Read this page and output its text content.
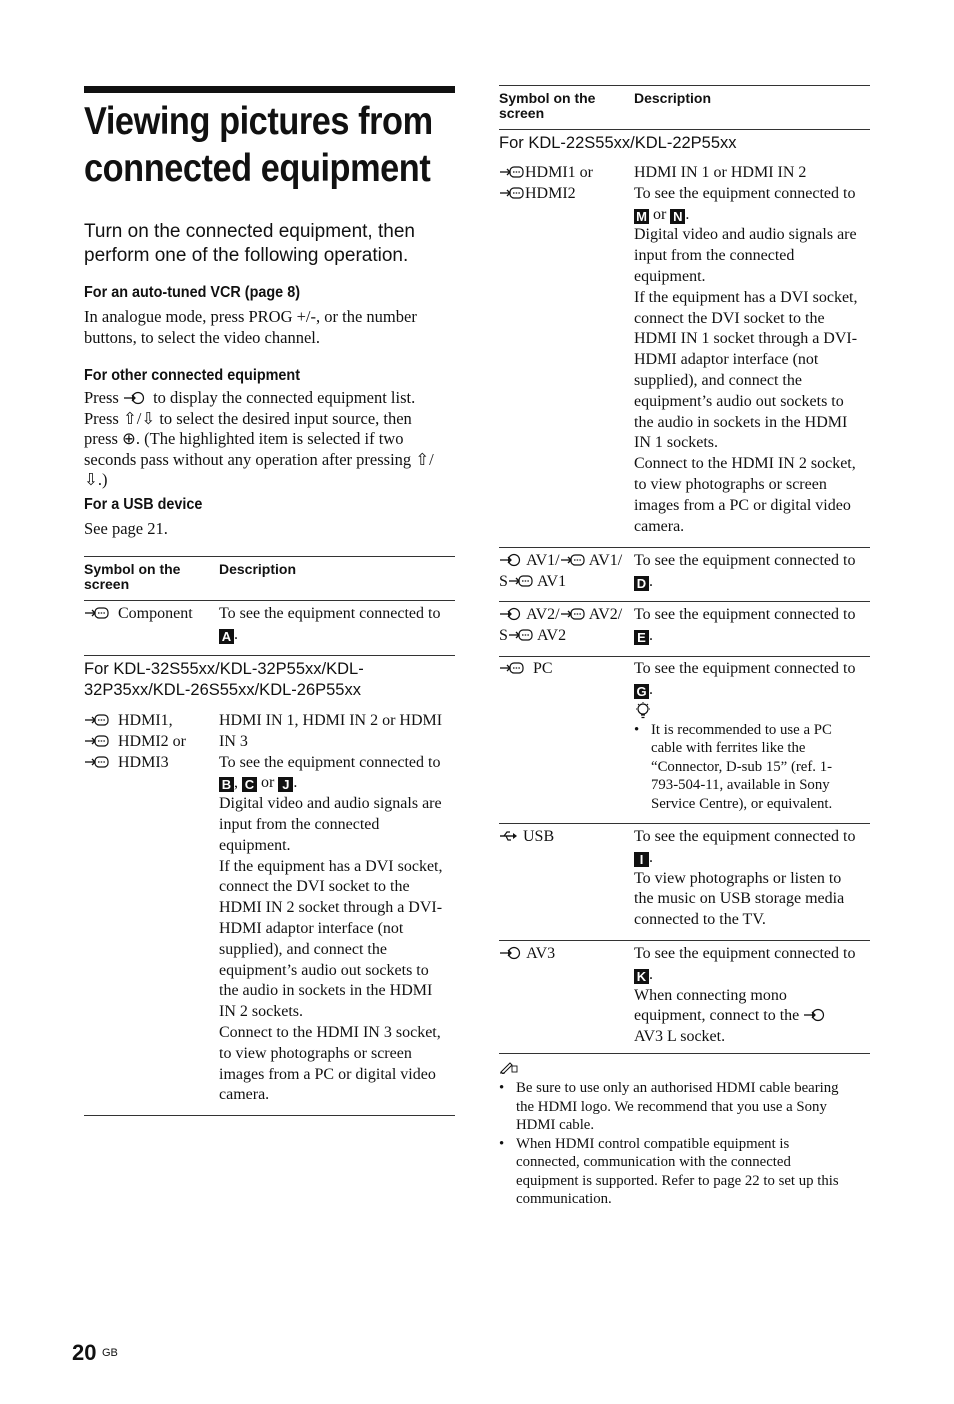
Viewing pictures from
connected equipment
Turn on the connected equipment, then
perform one of the following operation.
For an auto-tuned VCR (page 8)
In analogue mode, press PROG +/-, or the number
buttons, to select the video channel.
For other connected equipment
Press to display the connected equipment list.
Press ⇧/⇩ to select the desired input source, then
press ⊕. (The highlighted item is selected if two
seconds pass without any operation after pressing ⇧/
⇩.)
For a USB device
See page 21.
Symbol on the
screen
Description
Component To see the equipment connected to
A .
For KDL-32S55xx/KDL-32P55xx/KDL-
32P35xx/KDL-26S55xx/KDL-26P55xx
HDMI1,
HDMI2 or
HDMI3
HDMI IN 1, HDMI IN 2 or HDMI
IN 3
To see the equipment connected to
B , C or J .
Digital video and audio signals are
input from the connected
equipment.
If the equipment has a DVI socket,
connect the DVI socket to the
HDMI IN 2 socket through a DVI-
HDMI adaptor interface (not
supplied), and connect the
equipment’s audio out sockets to
the audio in sockets in the HDMI
IN 2 sockets.
Connect to the HDMI IN 3 socket,
to view photographs or screen
images from a PC or digital video
camera.
Symbol on the
screen
Description
For KDL-22S55xx/KDL-22P55xx
HDMI1 or
HDMI2
HDMI IN 1 or HDMI IN 2
To see the equipment connected to
M or N .
Digital video and audio signals are
input from the connected
equipment.
If the equipment has a DVI socket,
connect the DVI socket to the
HDMI IN 1 socket through a DVI-
HDMI adaptor interface (not
supplied), and connect the
equipment’s audio out sockets to
the audio in sockets in the HDMI
IN 1 sockets.
Connect to the HDMI IN 2 socket,
to view photographs or screen
images from a PC or digital video
camera.
AV1/ AV1/
S AV1
To see the equipment connected to
D .
AV2/ AV2/
S AV2
To see the equipment connected to
E .
PC	To see the equipment connected to
G .
• It is recommended to use a PC
cable with ferrites like the
“Connector, D-sub 15” (ref. 1-
793-504-11, available in Sony
Service Centre), or equivalent.
USB	To see the equipment connected to
I .
To view photographs or listen to
the music on USB storage media
connected to the TV.
AV3	To see the equipment connected to
K .
When connecting mono
equipment, connect to the
AV3 L socket.
• Be sure to use only an authorised HDMI cable bearing
the HDMI logo. We recommend that you use a Sony
HDMI cable.
• When HDMI control compatible equipment is
connected, communication with the connected
equipment is supported. Refer to page 22 to set up this
communication.
20 GB
